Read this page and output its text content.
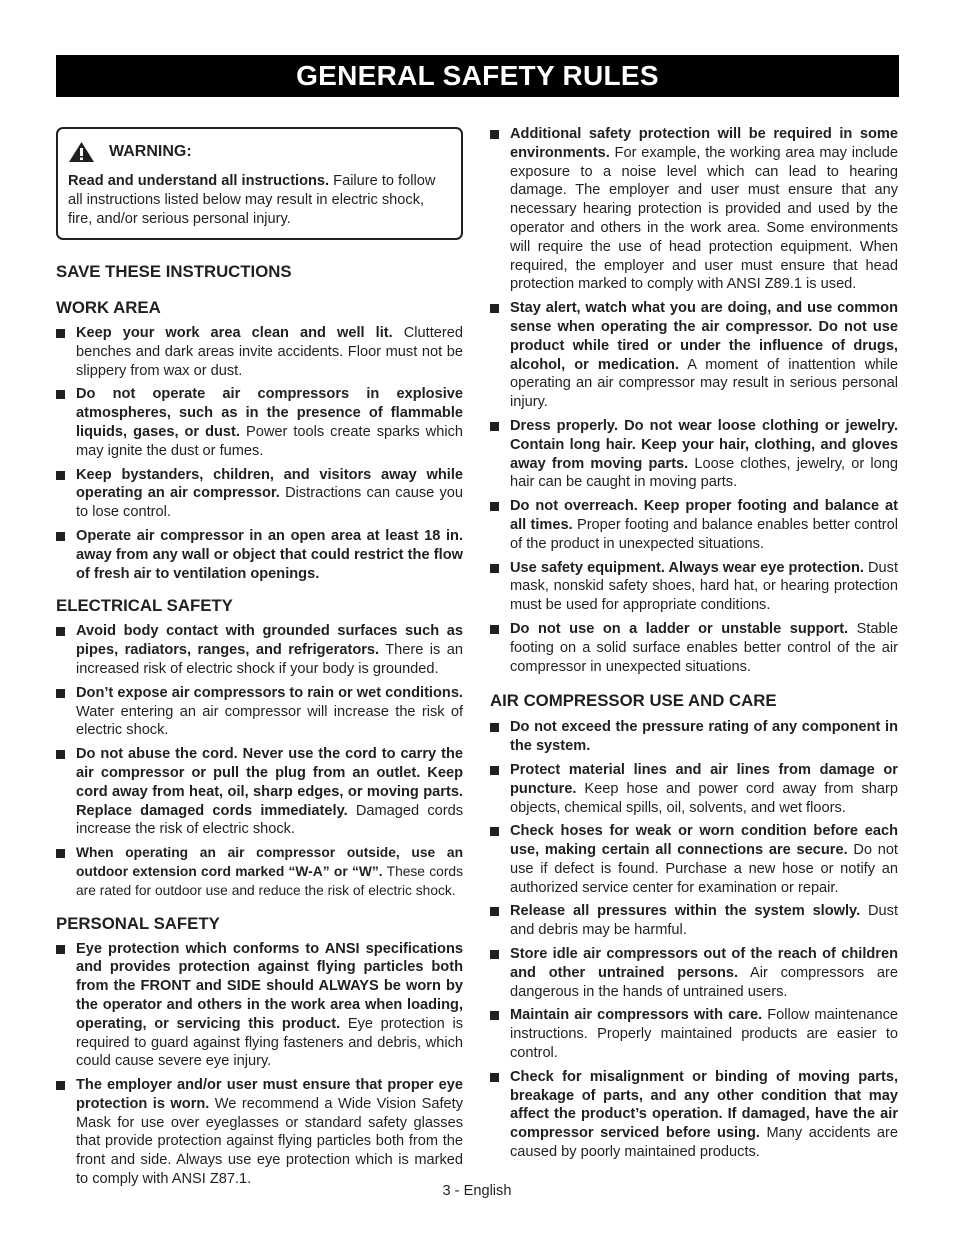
GENERAL SAFETY RULES
WARNING:
Read and understand all instructions. Failure to follow all instructions listed below may result in electric shock, fire, and/or serious personal injury.
SAVE THESE INSTRUCTIONS
WORK AREA
Keep your work area clean and well lit. Cluttered benches and dark areas invite accidents. Floor must not be slippery from wax or dust.
Do not operate air compressors in explosive atmospheres, such as in the presence of flammable liquids, gases, or dust. Power tools create sparks which may ignite the dust or fumes.
Keep bystanders, children, and visitors away while operating an air compressor. Distractions can cause you to lose control.
Operate air compressor in an open area at least 18 in. away from any wall or object that could restrict the flow of fresh air to ventilation openings.
ELECTRICAL SAFETY
Avoid body contact with grounded surfaces such as pipes, radiators, ranges, and refrigerators. There is an increased risk of electric shock if your body is grounded.
Don’t expose air compressors to rain or wet conditions. Water entering an air compressor will increase the risk of electric shock.
Do not abuse the cord. Never use the cord to carry the air compressor or pull the plug from an outlet. Keep cord away from heat, oil, sharp edges, or moving parts. Replace damaged cords immediately. Damaged cords increase the risk of electric shock.
When operating an air compressor outside, use an outdoor extension cord marked “W-A” or “W”. These cords are rated for outdoor use and reduce the risk of electric shock.
PERSONAL SAFETY
Eye protection which conforms to ANSI specifications and provides protection against flying particles both from the FRONT and SIDE should ALWAYS be worn by the operator and others in the work area when loading, operating, or servicing this product. Eye protection is required to guard against flying fasteners and debris, which could cause severe eye injury.
The employer and/or user must ensure that proper eye protection is worn. We recommend a Wide Vision Safety Mask for use over eyeglasses or standard safety glasses that provide protection against flying particles both from the front and side. Always use eye protection which is marked to comply with ANSI Z87.1.
Additional safety protection will be required in some environments. For example, the working area may include exposure to a noise level which can lead to hearing damage. The employer and user must ensure that any necessary hearing protection is provided and used by the operator and others in the work area. Some environments will require the use of head protection equipment. When required, the employer and user must ensure that head protection marked to comply with ANSI Z89.1 is used.
Stay alert, watch what you are doing, and use common sense when operating the air compressor. Do not use product while tired or under the influence of drugs, alcohol, or medication. A moment of inattention while operating an air compressor may result in serious personal injury.
Dress properly. Do not wear loose clothing or jewelry. Contain long hair. Keep your hair, clothing, and gloves away from moving parts. Loose clothes, jewelry, or long hair can be caught in moving parts.
Do not overreach. Keep proper footing and balance at all times. Proper footing and balance enables better control of the product in unexpected situations.
Use safety equipment. Always wear eye protection. Dust mask, nonskid safety shoes, hard hat, or hearing protection must be used for appropriate conditions.
Do not use on a ladder or unstable support. Stable footing on a solid surface enables better control of the air compressor in unexpected situations.
AIR COMPRESSOR USE AND CARE
Do not exceed the pressure rating of any component in the system.
Protect material lines and air lines from damage or puncture. Keep hose and power cord away from sharp objects, chemical spills, oil, solvents, and wet floors.
Check hoses for weak or worn condition before each use, making certain all connections are secure. Do not use if defect is found. Purchase a new hose or notify an authorized service center for examination or repair.
Release all pressures within the system slowly. Dust and debris may be harmful.
Store idle air compressors out of the reach of children and other untrained persons. Air compressors are dangerous in the hands of untrained users.
Maintain air compressors with care. Follow maintenance instructions. Properly maintained products are easier to control.
Check for misalignment or binding of moving parts, breakage of parts, and any other condition that may affect the product’s operation. If damaged, have the air compressor serviced before using. Many accidents are caused by poorly maintained products.
3 - English
